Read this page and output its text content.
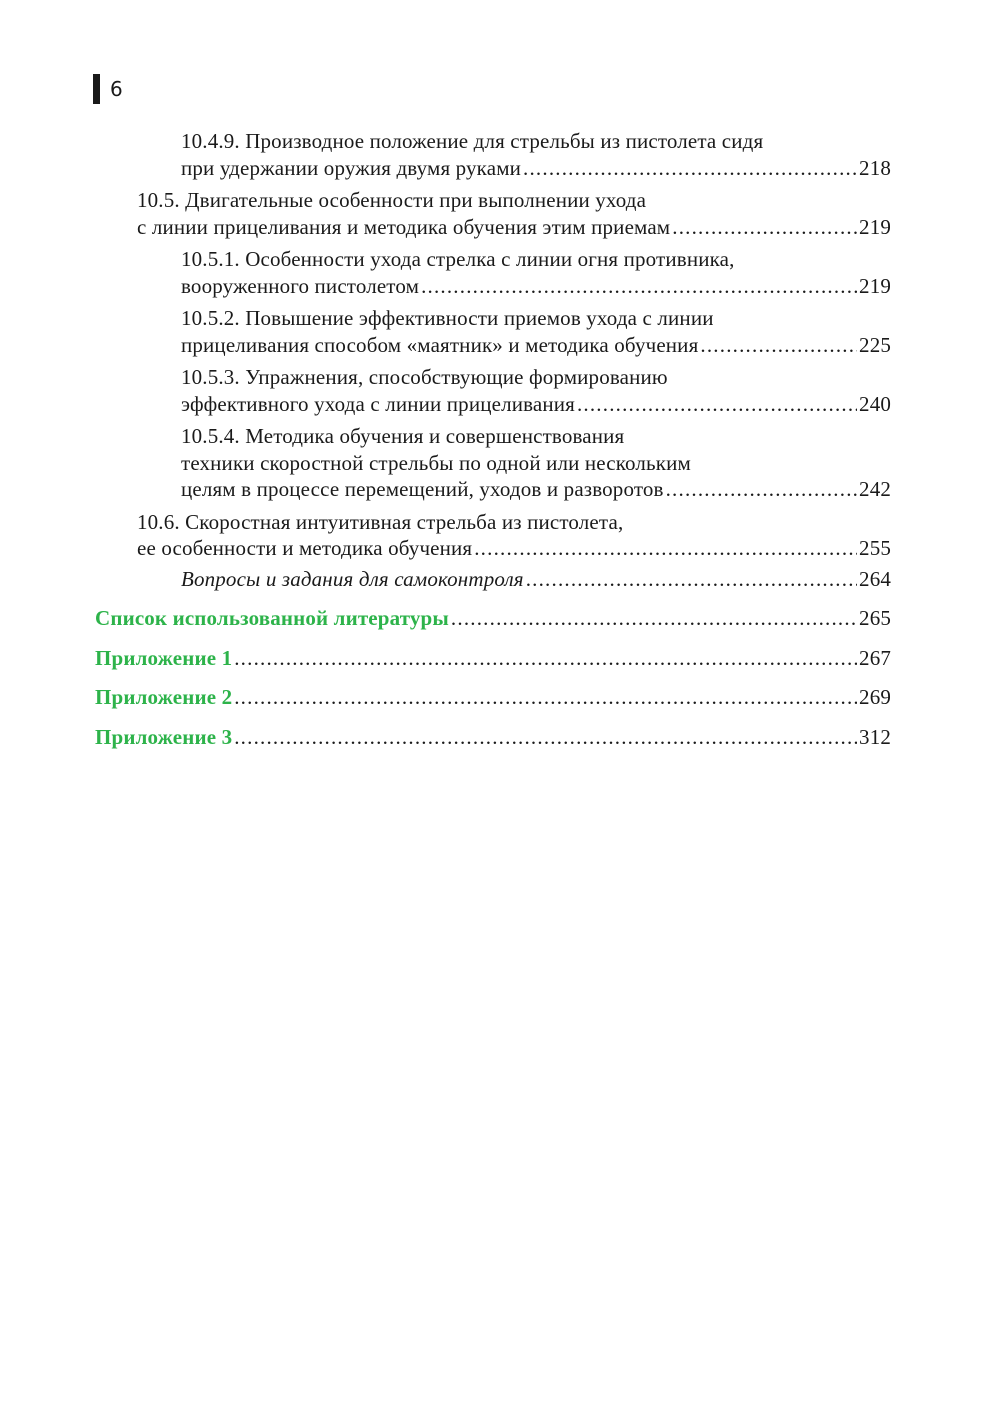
6
10.4.9. Производное положение для стрельбы из пистолета сидя
при удержании оружия двумя руками .....	218
10.5. Двигательные особенности при выполнении ухода
с линии прицеливания и методика обучения этим приемам .....	219
10.5.1. Особенности ухода стрелка с линии огня противника,
вооруженного пистолетом .....	219
10.5.2. Повышение эффективности приемов ухода с линии
прицеливания способом «маятник» и методика обучения .....	225
10.5.3. Упражнения, способствующие формированию
эффективного ухода с линии прицеливания .....	240
10.5.4. Методика обучения и совершенствования
техники скоростной стрельбы по одной или нескольким
целям в процессе перемещений, уходов и разворотов .....	242
10.6. Скоростная интуитивная стрельба из пистолета,
ее особенности и методика обучения .....	255
Вопросы и задания для самоконтроля .....	264
Список использованной литературы .....	265
Приложение 1 .....	267
Приложение 2 .....	269
Приложение 3 .....	312
